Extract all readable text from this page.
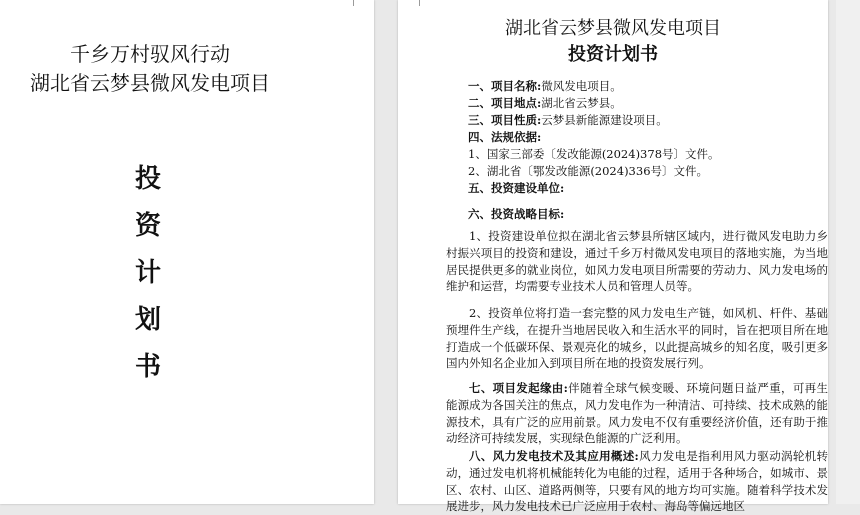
千乡万村驭风行动
湖北省云梦县微风发电项目
投
资
计
划
书
湖北省云梦县微风发电项目
投资计划书
一、项目名称:微风发电项目。
二、项目地点:湖北省云梦县。
三、项目性质:云梦县新能源建设项目。
四、法规依据:
1、国家三部委〔发改能源(2024)378号〕文件。
2、湖北省〔鄂发改能源(2024)336号〕文件。
五、投资建设单位:
六、投资战略目标:
1、投资建设单位拟在湖北省云梦县所辖区域内，进行微风发电助力乡村振兴项目的投资和建设，通过千乡万村微风发电项目的落地实施，为当地居民提供更多的就业岗位，如风力发电项目所需要的劳动力、风力发电场的维护和运营，均需要专业技术人员和管理人员等。
2、投资单位将打造一套完整的风力发电生产链，如风机、杆件、基础预埋件生产线，在提升当地居民收入和生活水平的同时，旨在把项目所在地打造成一个低碳环保、景观亮化的城乡，以此提高城乡的知名度，吸引更多国内外知名企业加入到项目所在地的投资发展行列。
七、项目发起缘由:伴随着全球气候变暖、环境问题日益严重，可再生能源成为各国关注的焦点，风力发电作为一种清洁、可持续、技术成熟的能源技术，具有广泛的应用前景。风力发电不仅有重要经济价值，还有助于推动经济可持续发展，实现绿色能源的广泛利用。
八、风力发电技术及其应用概述:风力发电是指利用风力驱动涡轮机转动，通过发电机将机械能转化为电能的过程，适用于各种场合，如城市、景区、农村、山区、道路两侧等，只要有风的地方均可实施。随着科学技术发展进步，风力发电技术已广泛应用于农村、海岛等偏远地区
